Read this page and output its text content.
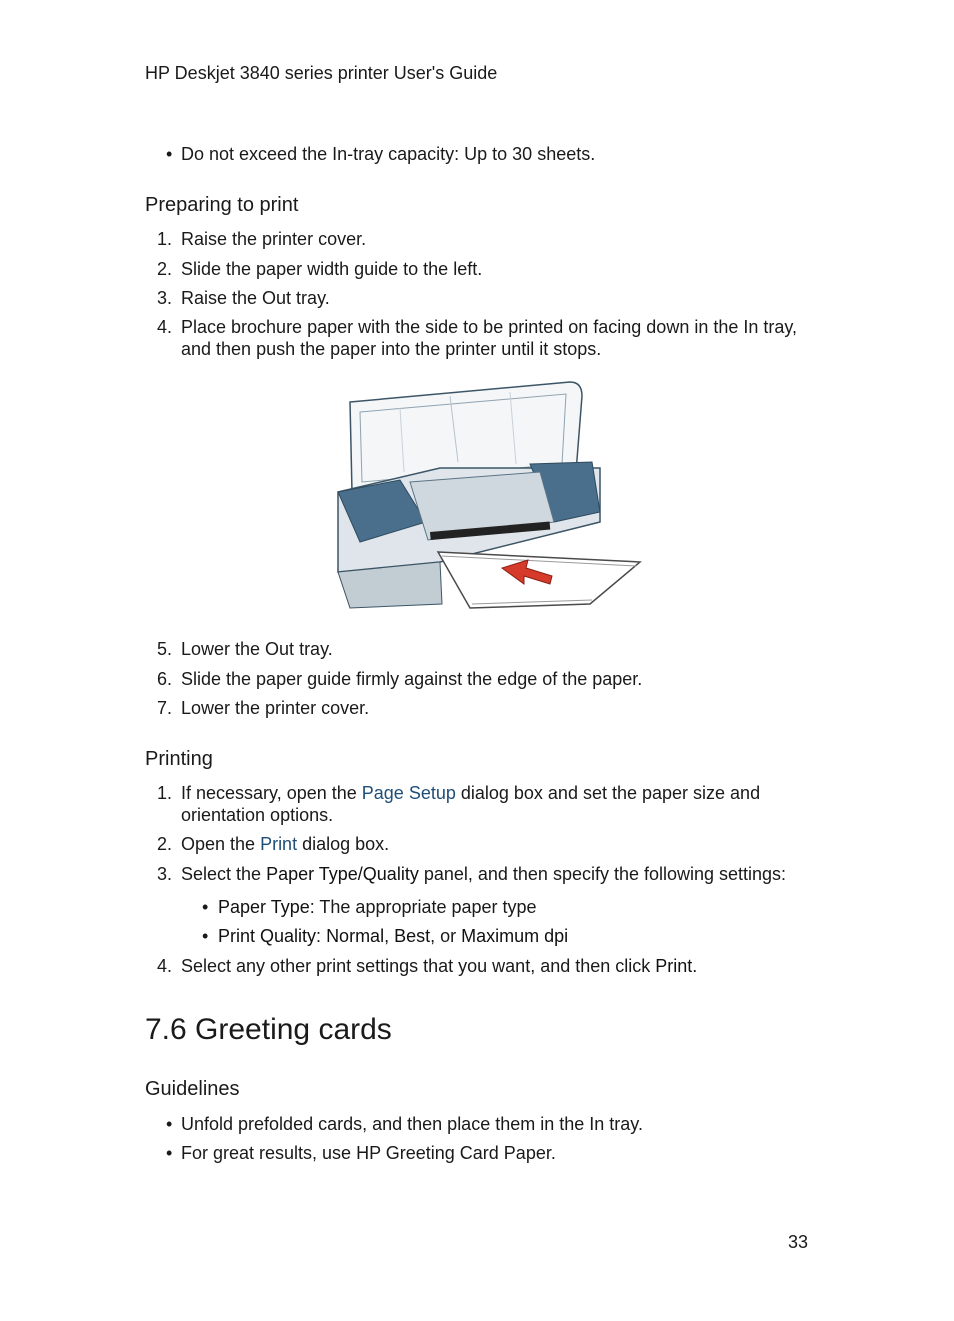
HP Deskjet 3840 series printer User's Guide
• Do not exceed the In-tray capacity: Up to 30 sheets.
Preparing to print
1. Raise the printer cover.
2. Slide the paper width guide to the left.
3. Raise the Out tray.
4. Place brochure paper with the side to be printed on facing down in the In tray,
and then push the paper into the printer until it stops.
5. Lower the Out tray.
6. Slide the paper guide firmly against the edge of the paper.
7. Lower the printer cover.
Printing
1. If necessary, open the Page Setup dialog box and set the paper size and
orientation options.
2. Open the Print dialog box.
3. Select the Paper Type/Quality panel, and then specify the following settings:
• Paper Type: The appropriate paper type
• Print Quality: Normal, Best, or Maximum dpi
4. Select any other print settings that you want, and then click Print.
7.6 Greeting cards
Guidelines
• Unfold prefolded cards, and then place them in the In tray.
• For great results, use HP Greeting Card Paper.
33
